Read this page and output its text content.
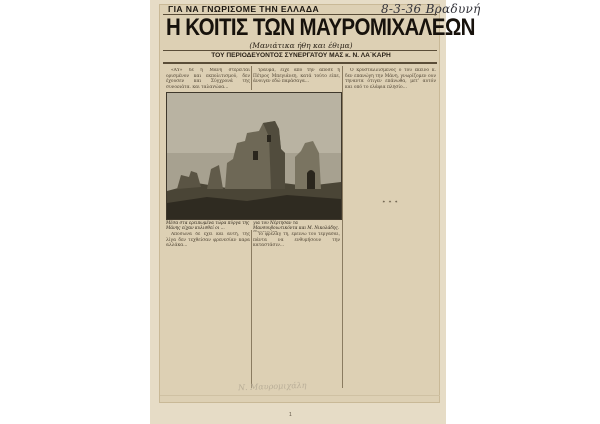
ΓΙΑ ΝΑ ΓΝΩΡΙΣΟΜΕ ΤΗΝ ΕΛΛΑΔΑ	8-3-36 Βραδυνή
Η ΚΟΙΤΙΣ ΤΩΝ ΜΑΥΡΟΜΙΧΑΛΕΩΝ
(Μανιάτικα ήθη και έθιμα)
ΤΟΥ ΠΕΡΙΟΔΕΥΟΝΤΟΣ ΣΥΝΕΡΓΑΤΟΥ ΜΑΣ κ. Ν. ΛΑ΄ΚΑΡΗ

«ΑΥ» δε η Μάνη στερείται ορισμένον και εκπολιτισμού, δεν έχουσεν και Σύγχρονά της συνοριάτα, και ταλαχώρα...

τραύμα, είχε από την απόσε ή Πέτρος Μπεγιάνεη, κατά τούτο είπε, άνοιγεν εδώ παράσαγα...

Ο κρυσταλλισμένος ο τού εκείνο κ. δεν επανώγη την Μάνη, γνωρίζομεν ουν τηναντα ότιγεν επάνωθα, μετ' αυτόν και οπό το ελάφια πλησίο...

Μέσα στα ερειπωμένα τώρα πύργα της Μάνης είχαν κυλισθεί οι ...
για του Νέρτησαν τα Μανσουβοιωτικόντα και Μ. Νικολάδης.

Απόσωνα δε έχει και αυτή, της λίγα δεν τεχθείσαν φρενεσίαν καρα αλλάκα...

το φρέλαγ τη, έρεινω του τεργάσαι, πάντα να ενθυμήσουν την καταστάσιν...

* * *
Ν. Μαυρομιχάλη
1
